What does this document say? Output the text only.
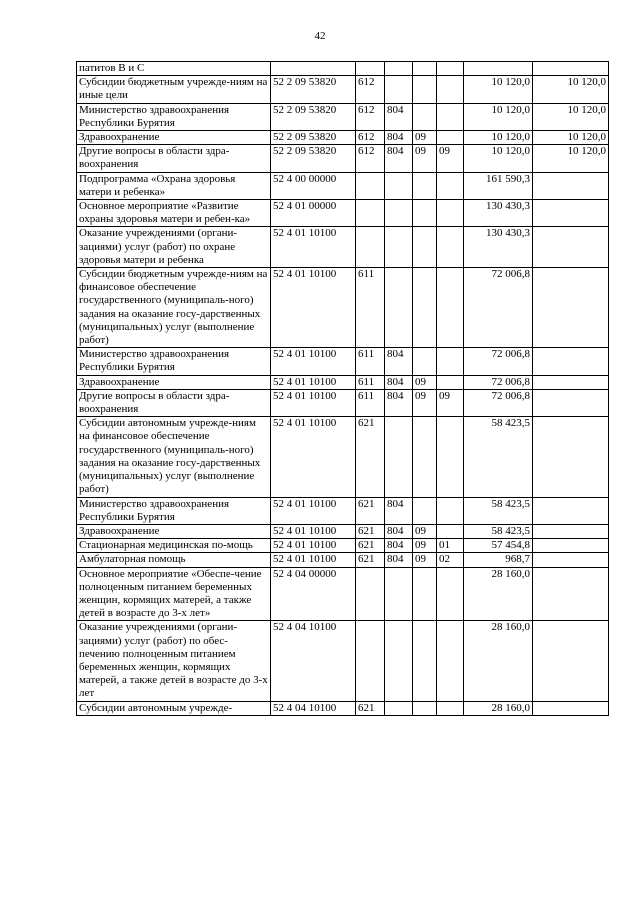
42
патитов В и С							
Субсидии бюджетным учрежде-ниям на иные цели	52 2 09 53820	612				10 120,0	10 120,0
Министерство здравоохранения Республики Бурятия	52 2 09 53820	612	804			10 120,0	10 120,0
Здравоохранение	52 2 09 53820	612	804	09		10 120,0	10 120,0
Другие вопросы в области здра-воохранения	52 2 09 53820	612	804	09	09	10 120,0	10 120,0
Подпрограмма «Охрана здоровья матери и ребенка»	52 4 00 00000					161 590,3	
Основное мероприятие «Развитие охраны здоровья матери и ребен-ка»	52 4 01 00000					130 430,3	
Оказание учреждениями (органи-зациями) услуг (работ) по охране здоровья матери и ребенка	52 4 01 10100					130 430,3	
Субсидии бюджетным учрежде-ниям на финансовое обеспечение государственного (муниципаль-ного) задания на оказание госу-дарственных (муниципальных) услуг (выполнение работ)	52 4 01 10100	611				72 006,8	
Министерство здравоохранения Республики Бурятия	52 4 01 10100	611	804			72 006,8	
Здравоохранение	52 4 01 10100	611	804	09		72 006,8	
Другие вопросы в области здра-воохранения	52 4 01 10100	611	804	09	09	72 006,8	
Субсидии автономным учрежде-ниям на финансовое обеспечение государственного (муниципаль-ного) задания на оказание госу-дарственных (муниципальных) услуг (выполнение работ)	52 4 01 10100	621				58 423,5	
Министерство здравоохранения Республики Бурятия	52 4 01 10100	621	804			58 423,5	
Здравоохранение	52 4 01 10100	621	804	09		58 423,5	
Стационарная медицинская по-мощь	52 4 01 10100	621	804	09	01	57 454,8	
Амбулаторная помощь	52 4 01 10100	621	804	09	02	968,7	
Основное мероприятие «Обеспе-чение полноценным питанием беременных женщин, кормящих матерей, а также детей в возрасте до 3-х лет»	52 4 04 00000					28 160,0	
Оказание учреждениями (органи-зациями) услуг (работ) по обес-печению полноценным питанием беременных женщин, кормящих матерей, а также детей в возрасте до 3-х лет	52 4 04 10100					28 160,0	
Субсидии автономным учрежде-	52 4 04 10100	621				28 160,0	
